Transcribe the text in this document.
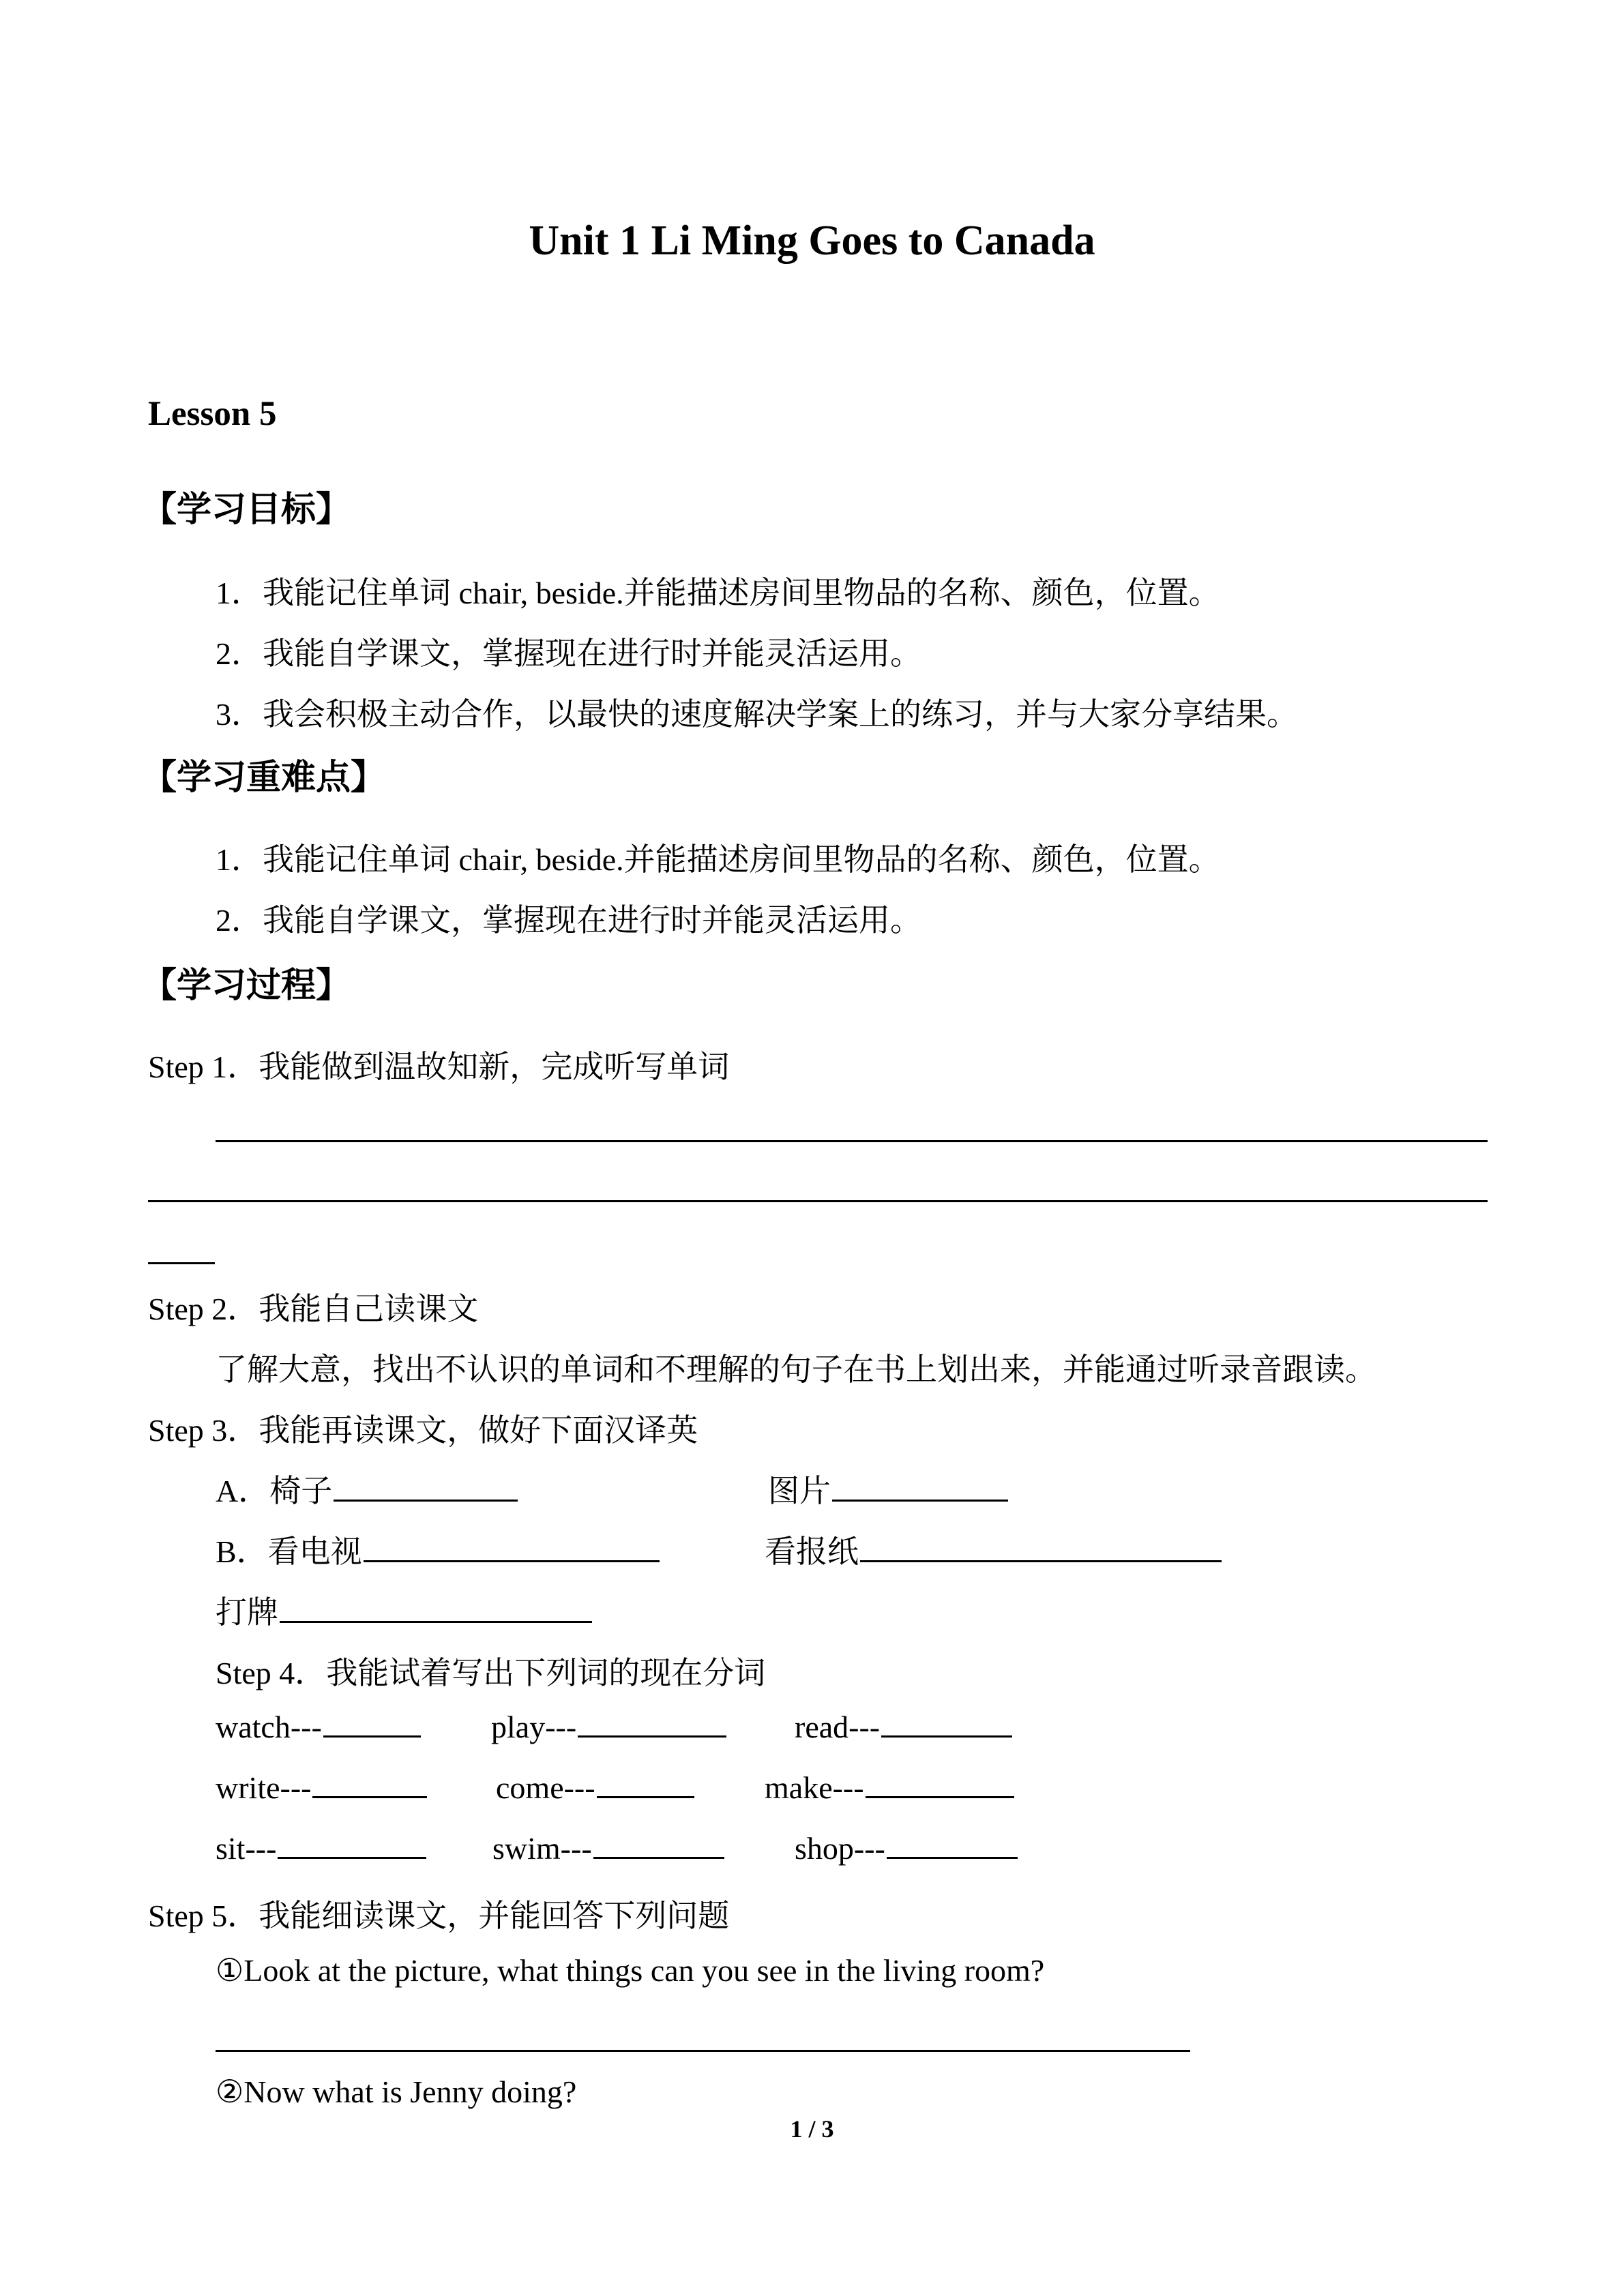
Unit 1 Li Ming Goes to Canada
Lesson 5
【学习目标】
1．我能记住单词 chair, beside.并能描述房间里物品的名称、颜色，位置。
2．我能自学课文，掌握现在进行时并能灵活运用。
3．我会积极主动合作，以最快的速度解决学案上的练习，并与大家分享结果。
【学习重难点】
1．我能记住单词 chair, beside.并能描述房间里物品的名称、颜色，位置。
2．我能自学课文，掌握现在进行时并能灵活运用。
【学习过程】
Step 1．我能做到温故知新，完成听写单词
Step 2．我能自己读课文
了解大意，找出不认识的单词和不理解的句子在书上划出来，并能通过听录音跟读。
Step 3．我能再读课文，做好下面汉译英
A．椅子	图片
B．看电视	看报纸
打牌
Step 4．我能试着写出下列词的现在分词
watch---	play---	read---
write---	come---	make---
sit---	swim---	shop---
Step 5．我能细读课文，并能回答下列问题
①Look at the picture, what things can you see in the living room?
②Now what is Jenny doing?
1 / 3
